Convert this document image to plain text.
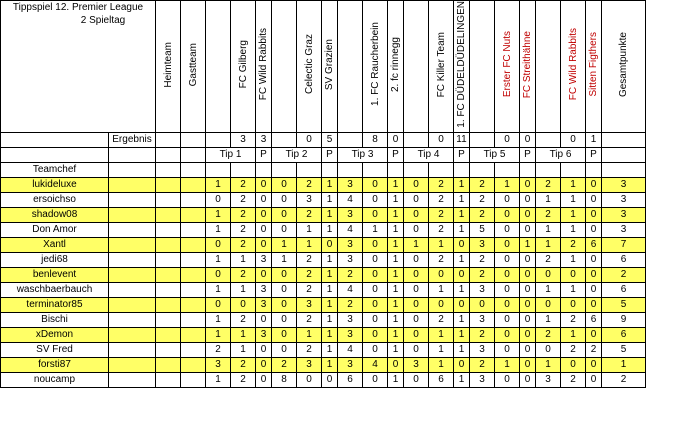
Tippspiel 12. Premier League
2 Spieltag		Heimteam	Gastteam		FC Gilberg	FC Wild Rabbits		Celectic Graz	SV Grazien		1. FC Raucherbein	2. fc rinnegg		FC Killer Team	1. FC DÜDELDÜDELINGEN		Erster FC Nuts	FC Streithähne		FC Wild Rabbits	Sitten Figthers	Gesamtpunkte

	Ergebnis				3	3		0	5		8	0		0	11		0	0		0	1	
				Tip 1		P	Tip 2		P	Tip 3		P	Tip 4		P	Tip 5		P	Tip 6		P	
Teamchef																						
lukideluxe				1	2	0	0	2	1	3	0	1	0	2	1	2	1	0	2	1	0	3
ersoichso				0	2	0	0	3	1	4	0	1	0	2	1	2	0	0	1	1	0	3
shadow08				1	2	0	0	2	1	3	0	1	0	2	1	2	0	0	2	1	0	3
Don Amor				1	2	0	0	1	1	4	1	1	0	2	1	5	0	0	1	1	0	3
Xantl				0	2	0	1	1	0	3	0	1	1	1	0	3	0	1	1	2	6	7
jedi68				1	1	3	1	2	1	3	0	1	0	2	1	2	0	0	2	1	0	6
benlevent				0	2	0	0	2	1	2	0	1	0	0	0	2	0	0	0	0	0	2
waschbaerbauch				1	1	3	0	2	1	4	0	1	0	1	1	3	0	0	1	1	0	6
terminator85				0	0	3	0	3	1	2	0	1	0	0	0	0	0	0	0	0	0	5
Bischi				1	2	0	0	2	1	3	0	1	0	2	1	3	0	0	1	2	6	9
xDemon				1	1	3	0	1	1	3	0	1	0	1	1	2	0	0	2	1	0	6
SV Fred				2	1	0	0	2	1	4	0	1	0	1	1	3	0	0	0	2	2	5
forsti87				3	2	0	2	3	1	3	4	0	3	1	0	2	1	0	1	0	0	1
noucamp				1	2	0	8	0	0	6	0	1	0	6	1	3	0	0	3	2	0	2
